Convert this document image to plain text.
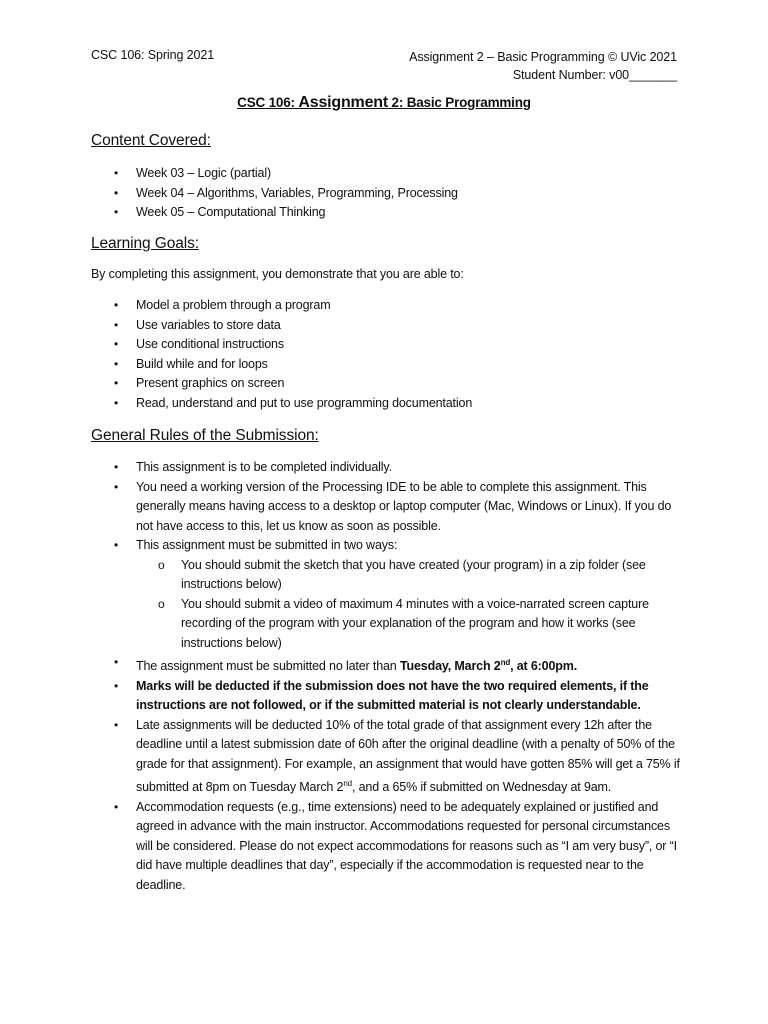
CSC 106: Spring 2021	Assignment 2 – Basic Programming © UVic 2021
Student Number: v00_______
CSC 106: Assignment 2: Basic Programming
Content Covered:
• Week 03 – Logic (partial)
• Week 04 – Algorithms, Variables, Programming, Processing
• Week 05 – Computational Thinking
Learning Goals:
By completing this assignment, you demonstrate that you are able to:
• Model a problem through a program
• Use variables to store data
• Use conditional instructions
• Build while and for loops
• Present graphics on screen
• Read, understand and put to use programming documentation
General Rules of the Submission:
• This assignment is to be completed individually.
• You need a working version of the Processing IDE to be able to complete this assignment. This generally means having access to a desktop or laptop computer (Mac, Windows or Linux). If you do not have access to this, let us know as soon as possible.
• This assignment must be submitted in two ways:
o You should submit the sketch that you have created (your program) in a zip folder (see instructions below)
o You should submit a video of maximum 4 minutes with a voice-narrated screen capture recording of the program with your explanation of the program and how it works (see instructions below)
• The assignment must be submitted no later than Tuesday, March 2nd, at 6:00pm.
• Marks will be deducted if the submission does not have the two required elements, if the instructions are not followed, or if the submitted material is not clearly understandable.
• Late assignments will be deducted 10% of the total grade of that assignment every 12h after the deadline until a latest submission date of 60h after the original deadline (with a penalty of 50% of the grade for that assignment). For example, an assignment that would have gotten 85% will get a 75% if submitted at 8pm on Tuesday March 2nd, and a 65% if submitted on Wednesday at 9am.
• Accommodation requests (e.g., time extensions) need to be adequately explained or justified and agreed in advance with the main instructor. Accommodations requested for personal circumstances will be considered. Please do not expect accommodations for reasons such as “I am very busy”, or “I did have multiple deadlines that day”, especially if the accommodation is requested near to the deadline.
